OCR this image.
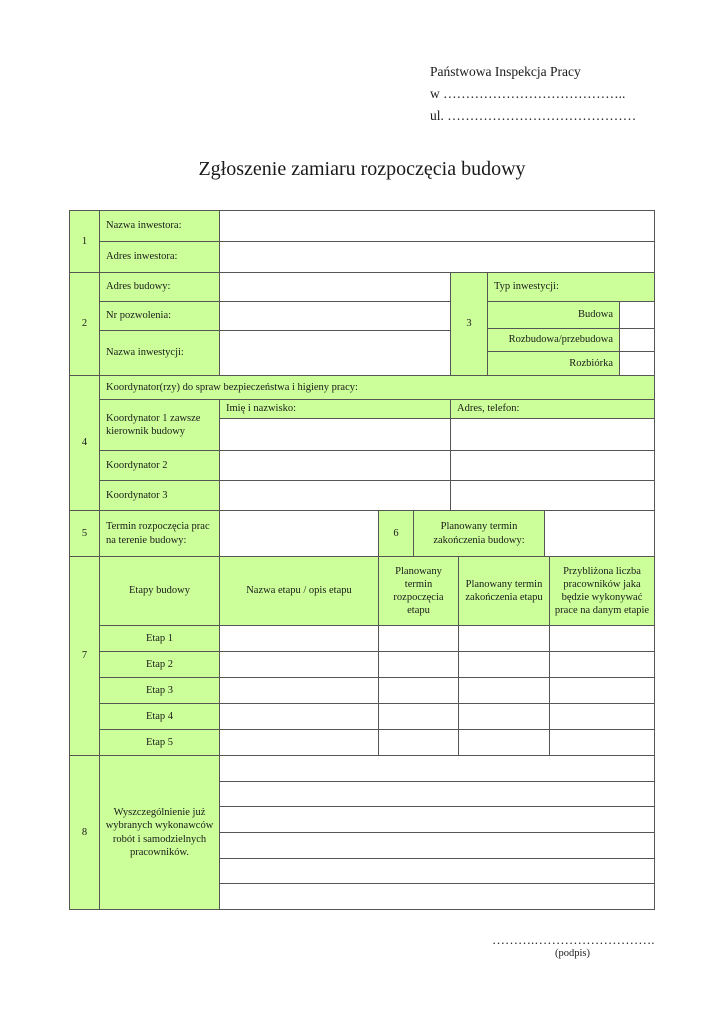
Państwowa Inspekcja Pracy
w …………………………………..
ul. ……………………………………
Zgłoszenie zamiaru rozpoczęcia budowy
1
Nazwa inwestora:
Adres inwestora:
2
Adres budowy:
Nr pozwolenia:
Nazwa inwestycji:
3
Typ inwestycji:
Budowa
Rozbudowa/przebudowa
Rozbiórka
4
Koordynator(rzy) do spraw bezpieczeństwa i higieny pracy:
Koordynator 1 zawsze kierownik budowy
Imię i nazwisko:	Adres, telefon:
Koordynator 2
Koordynator 3
5
Termin rozpoczęcia prac na terenie budowy:
6
Planowany termin zakończenia budowy:
7
Etapy budowy	Nazwa etapu / opis etapu
Planowany termin rozpoczęcia etapu
Planowany termin zakończenia etapu
Przybliżona liczba pracowników jaka będzie wykonywać prace na danym etapie
Etap 1
Etap 2
Etap 3
Etap 4
Etap 5
8
Wyszczególnienie już wybranych wykonawców robót i samodzielnych pracowników.
……….……………………….
(podpis)
